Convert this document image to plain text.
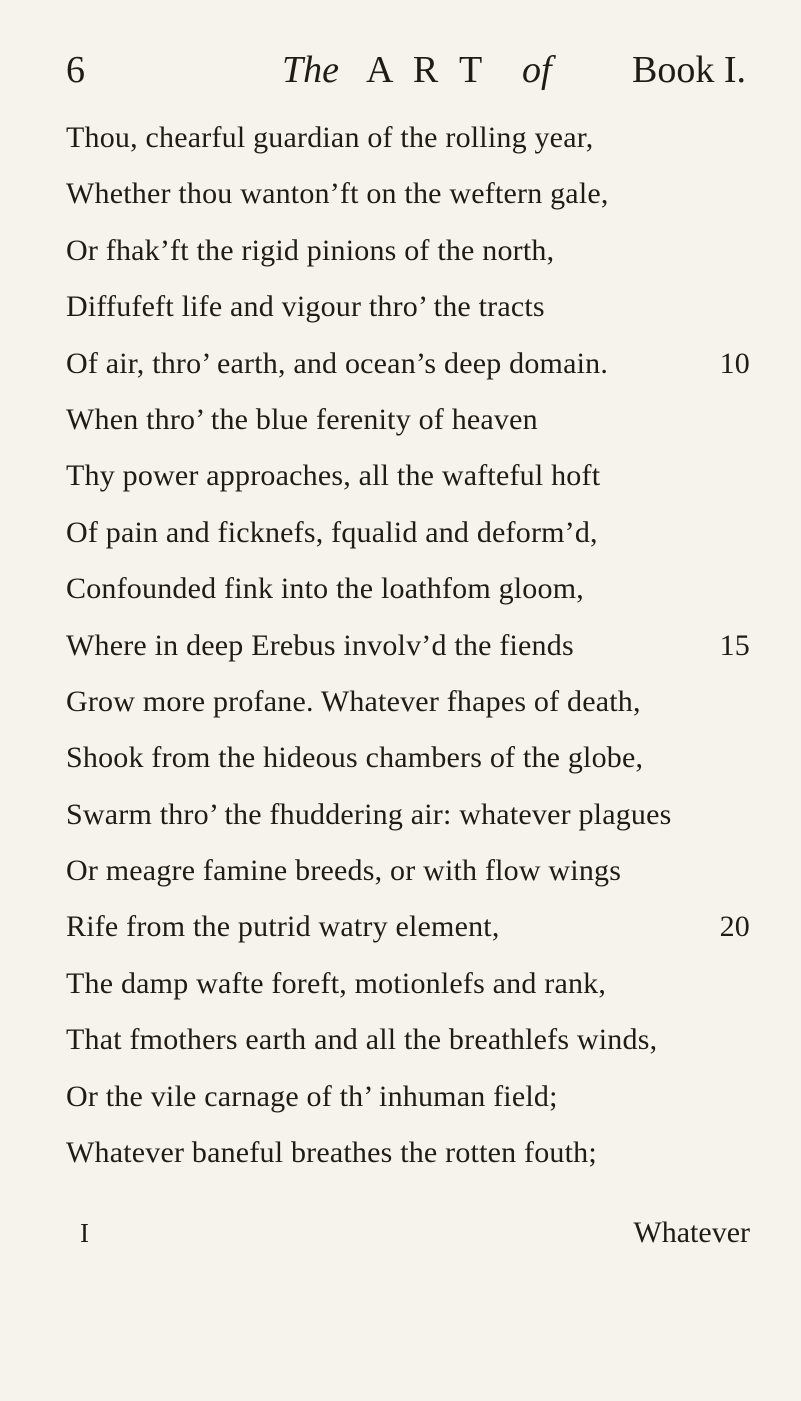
6	The A R T of Book I.
Thou, chearful guardian of the rolling year,
Whether thou wanton’ft on the weftern gale,
Or fhak’ft the rigid pinions of the north,
Diffufeft life and vigour thro’ the tracts
Of air, thro’ earth, and ocean’s deep domain.	10
When thro’ the blue ferenity of heaven
Thy power approaches, all the wafteful hoft
Of pain and ficknefs, fqualid and deform’d,
Confounded fink into the loathfom gloom,
Where in deep Erebus involv’d the fiends	15
Grow more profane. Whatever fhapes of death,
Shook from the hideous chambers of the globe,
Swarm thro’ the fhuddering air: whatever plagues
Or meagre famine breeds, or with flow wings
Rife from the putrid watry element,	20
The damp wafte foreft, motionlefs and rank,
That fmothers earth and all the breathlefs winds,
Or the vile carnage of th’ inhuman field;
Whatever baneful breathes the rotten fouth;
I	Whatever
